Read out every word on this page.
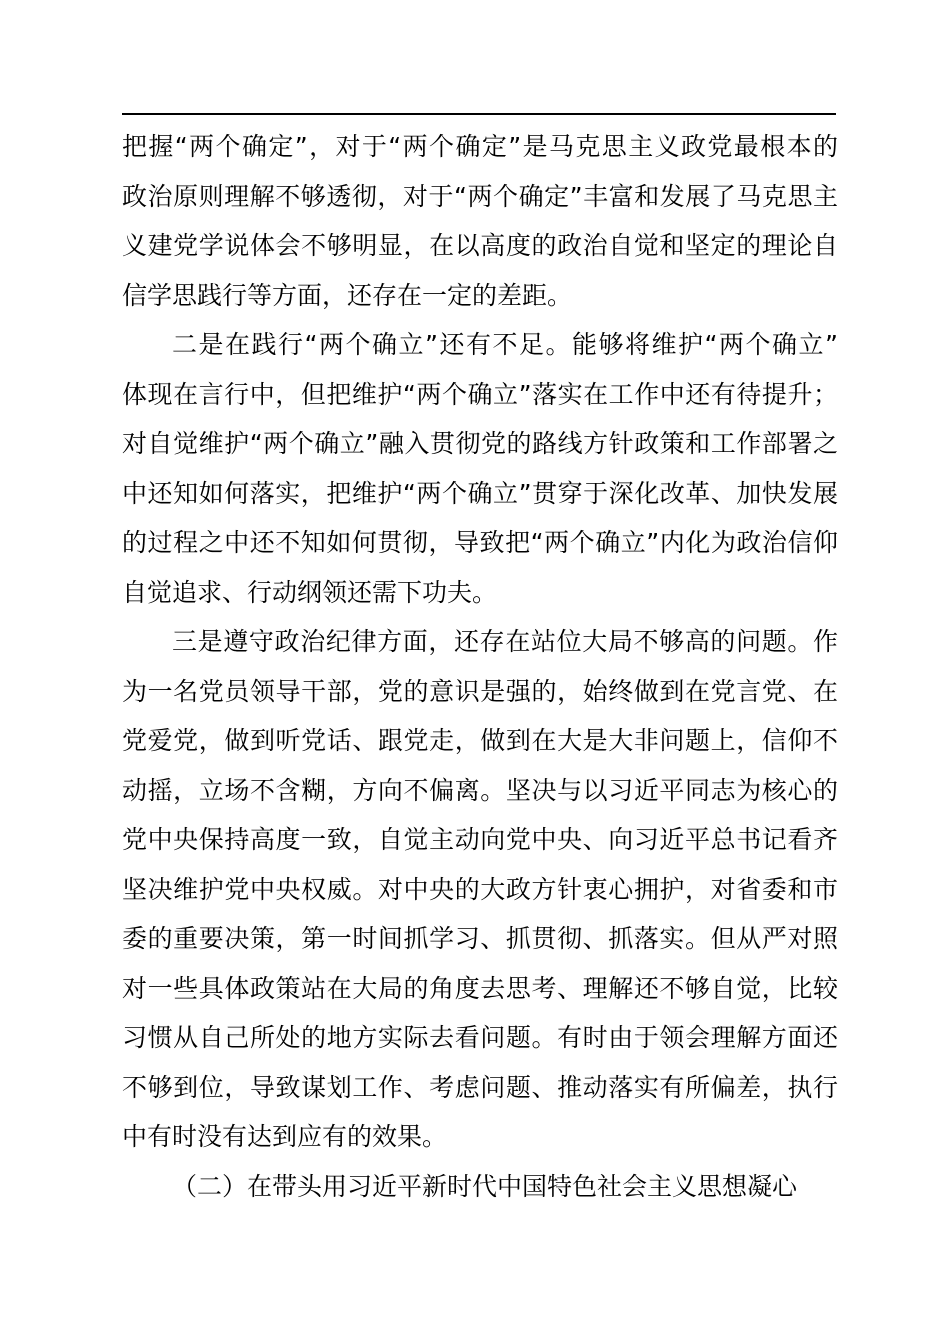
把握“两个确定”，对于“两个确定”是马克思主义政党最根本的
政治原则理解不够透彻，对于“两个确定”丰富和发展了马克思主
义建党学说体会不够明显，在以高度的政治自觉和坚定的理论自
信学思践行等方面，还存在一定的差距。
二是在践行“两个确立”还有不足。能够将维护“两个确立”
体现在言行中，但把维护“两个确立”落实在工作中还有待提升；
对自觉维护“两个确立”融入贯彻党的路线方针政策和工作部署之
中还知如何落实，把维护“两个确立”贯穿于深化改革、加快发展
的过程之中还不知如何贯彻，导致把“两个确立”内化为政治信仰
自觉追求、行动纲领还需下功夫。
三是遵守政治纪律方面，还存在站位大局不够高的问题。作
为一名党员领导干部，党的意识是强的，始终做到在党言党、在
党爱党，做到听党话、跟党走，做到在大是大非问题上，信仰不
动摇，立场不含糊，方向不偏离。坚决与以习近平同志为核心的
党中央保持高度一致，自觉主动向党中央、向习近平总书记看齐
坚决维护党中央权威。对中央的大政方针衷心拥护，对省委和市
委的重要决策，第一时间抓学习、抓贯彻、抓落实。但从严对照
对一些具体政策站在大局的角度去思考、理解还不够自觉，比较
习惯从自己所处的地方实际去看问题。有时由于领会理解方面还
不够到位，导致谋划工作、考虑问题、推动落实有所偏差，执行
中有时没有达到应有的效果。
（二）在带头用习近平新时代中国特色社会主义思想凝心
